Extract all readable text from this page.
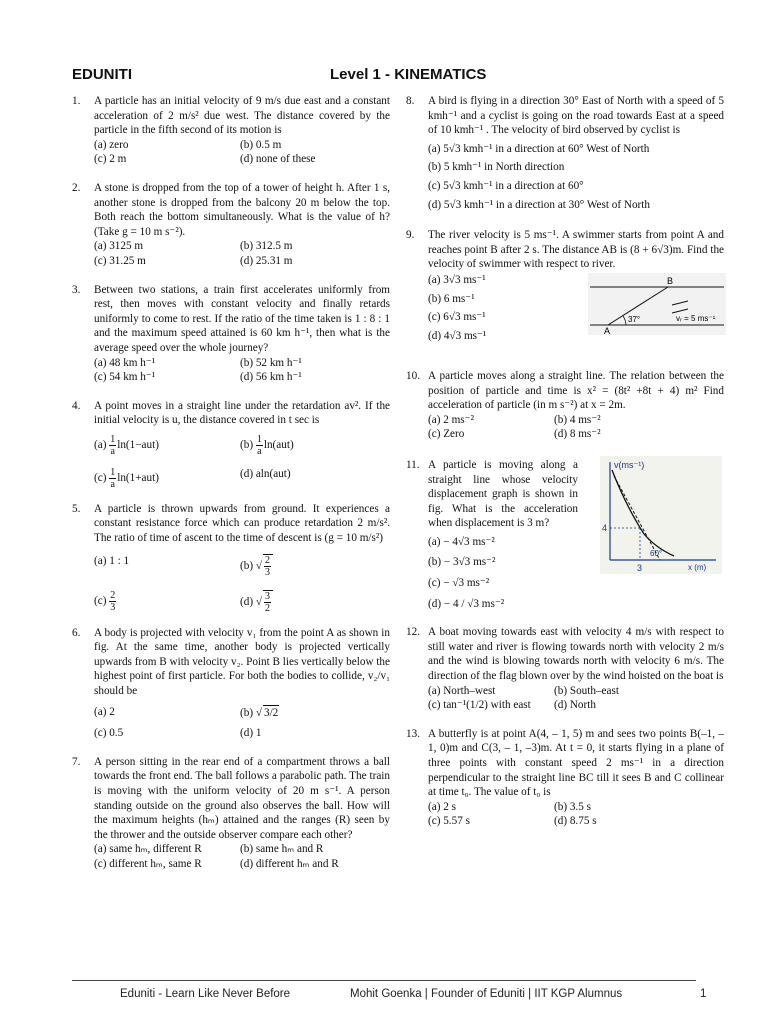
EDUNITI	Level 1 - KINEMATICS
1. A particle has an initial velocity of 9 m/s due east and a constant acceleration of 2 m/s² due west. The distance covered by the particle in the fifth second of its motion is
(a) zero	(b) 0.5 m
(c) 2 m	(d) none of these
2. A stone is dropped from the top of a tower of height h. After 1 s, another stone is dropped from the balcony 20 m below the top. Both reach the bottom simultaneously. What is the value of h? (Take g = 10 m s⁻²).
(a) 3125 m	(b) 312.5 m
(c) 31.25 m	(d) 25.31 m
3. Between two stations, a train first accelerates uniformly from rest, then moves with constant velocity and finally retards uniformly to come to rest. If the ratio of the time taken is 1 : 8 : 1 and the maximum speed attained is 60 km h⁻¹, then what is the average speed over the whole journey?
(a) 48 km h⁻¹	(b) 52 km h⁻¹
(c) 54 km h⁻¹	(d) 56 km h⁻¹
4. A point moves in a straight line under the retardation av². If the initial velocity is u, the distance covered in t sec is
$(a) \frac{1}{a} \ln(1-aut)$	$(b) \frac{1}{a} \ln(aut)$
$(c) \frac{1}{a} \ln(1+aut)$	(d) aln(aut)
5. A particle is thrown upwards from ground. It experiences a constant resistance force which can produce retardation 2 m/s². The ratio of time of ascent to the time of descent is (g = 10 m/s²)
(a) 1 : 1	(b) √ $\frac{2}{3}$
$(c) \frac{2}{3}$	(d) √ $\frac{3}{2}$
6. A body is projected with velocity v₁ from the point A as shown in fig. At the same time, another body is projected vertically upwards from B with velocity v₂. Point B lies vertically below the highest point of first particle. For both the bodies to collide, v₂/v₁ should be
(a) 2	(b) √ 3/2
(c) 0.5	(d) 1
7. A person sitting in the rear end of a compartment throws a ball towards the front end. The ball follows a parabolic path. The train is moving with the uniform velocity of 20 m s⁻¹. A person standing outside on the ground also observes the ball. How will the maximum heights (hₘ) attained and the ranges (R) seen by the thrower and the outside observer compare each other?
(a) same hₘ, different R	(b) same hₘ and R
(c) different hₘ, same R	(d) different hₘ and R
8. A bird is flying in a direction 30° East of North with a speed of 5 kmh⁻¹ and a cyclist is going on the road towards East at a speed of 10 kmh⁻¹ . The velocity of bird observed by cyclist is
(a) 5√3 kmh⁻¹ in a direction at 60° West of North
(b) 5 kmh⁻¹ in North direction
(c) 5√3 kmh⁻¹ in a direction at 60°
(d) 5√3 kmh⁻¹ in a direction at 30° West of North
9. The river velocity is 5 ms⁻¹. A swimmer starts from point A and reaches point B after 2 s. The distance AB is (8 + 6√3)m. Find the velocity of swimmer with respect to river.
(a) 3√3 ms⁻¹
(b) 6 ms⁻¹
(c) 6√3 ms⁻¹
(d) 4√3 ms⁻¹
B
A
37°	vᵣ = 5 ms⁻¹
10. A particle moves along a straight line. The relation between the position of particle and time is x² = (8t² +8t + 4) m² Find acceleration of particle (in m s⁻²) at x = 2m.
(a) 2 ms⁻²	(b) 4 ms⁻²
(c) Zero	(d) 8 ms⁻²
11. A particle is moving along a straight line whose velocity displacement graph is shown in fig. What is the acceleration when displacement is 3 m?
(a) − 4√3 ms⁻²
(b) − 3√3 ms⁻²
(c) − √3 ms⁻²
(d) − 4 / √3 ms⁻²
v(ms⁻¹)
x (m)
4
3
60°
12. A boat moving towards east with velocity 4 m/s with respect to still water and river is flowing towards north with velocity 2 m/s and the wind is blowing towards north with velocity 6 m/s. The direction of the flag blown over by the wind hoisted on the boat is
(a) North–west	(b) South–east
(c) tan⁻¹(1/2) with east	(d) North
13. A butterfly is at point A(4, – 1, 5) m and sees two points B(–1, – 1, 0)m and C(3, – 1, –3)m. At t = 0, it starts flying in a plane of three points with constant speed 2 ms⁻¹ in a direction perpendicular to the straight line BC till it sees B and C collinear at time t₀. The value of t₀ is
(a) 2 s	(b) 3.5 s
(c) 5.57 s	(d) 8.75 s
Eduniti - Learn Like Never Before	Mohit Goenka | Founder of Eduniti | IIT KGP Alumnus	1
